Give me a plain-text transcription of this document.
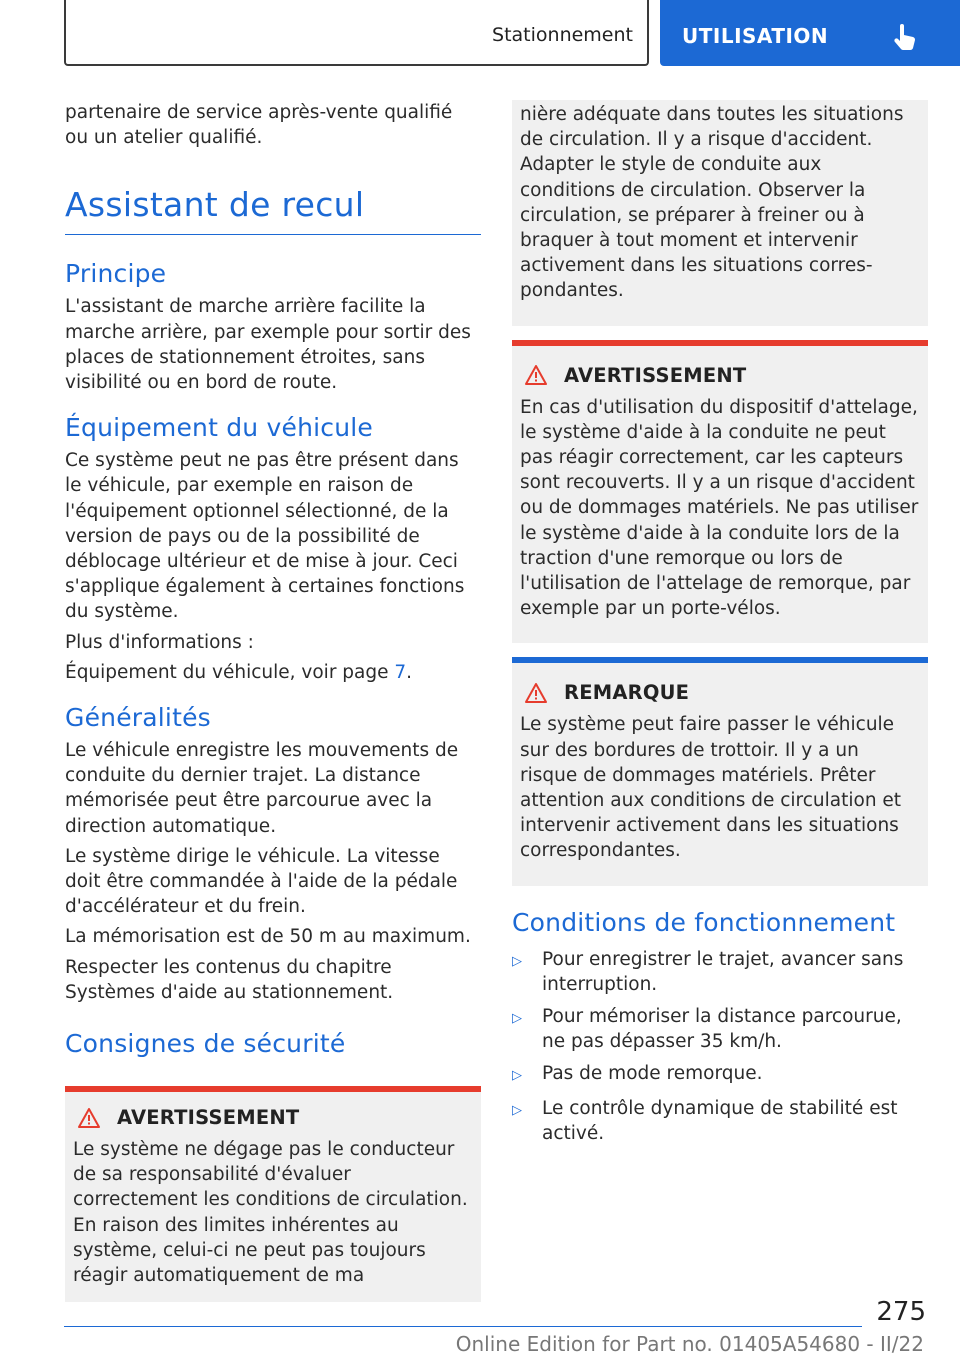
Stationnement UTILISATION

partenaire de service après-vente qualifié ou un atelier qualifié.

Assistant de recul
Principe

L'assistant de marche arrière facilite la marche arrière, par exemple pour sortir des places de stationnement étroites, sans visibilité ou en bord de route.

Équipement du véhicule

Ce système peut ne pas être présent dans le véhicule, par exemple en raison de l'équipement optionnel sélectionné, de la version de pays ou de la possibilité de déblocage ultérieur et de mise à jour. Ceci s'applique également à certaines fonctions du système.

Plus d'informations :

Équipement du véhicule, voir page 7.

Généralités

Le véhicule enregistre les mouvements de conduite du dernier trajet. La distance mémorisée peut être parcourue avec la direction automatique.

Le système dirige le véhicule. La vitesse doit être commandée à l'aide de la pédale d'accélérateur et du frein.

La mémorisation est de 50 m au maximum.

Respecter les contenus du chapitre Systèmes d'aide au stationnement.

Consignes de sécurité
AVERTISSEMENT

Le système ne dégage pas le conducteur de sa responsabilité d'évaluer correctement les conditions de circulation. En raison des limites inhérentes au système, celui-ci ne peut pas toujours réagir automatiquement de ma

nière adéquate dans toutes les situations de circulation. Il y a risque d'accident. Adapter le style de conduite aux conditions de circulation. Observer la circulation, se préparer à freiner ou à braquer à tout moment et intervenir activement dans les situations correspondantes.

AVERTISSEMENT

En cas d'utilisation du dispositif d'attelage, le système d'aide à la conduite ne peut pas réagir correctement, car les capteurs sont recouverts. Il y a un risque d'accident ou de dommages matériels. Ne pas utiliser le système d'aide à la conduite lors de la traction d'une remorque ou lors de l'utilisation de l'attelage de remorque, par exemple par un porte-vélos.

REMARQUE

Le système peut faire passer le véhicule sur des bordures de trottoir. Il y a un risque de dommages matériels. Prêter attention aux conditions de circulation et intervenir activement dans les situations correspondantes.

Conditions de fonctionnement
▷	Pour enregistrer le trajet, avancer sans interruption.
▷	Pour mémoriser la distance parcourue, ne pas dépasser 35 km/h.
▷	Pas de mode remorque.
▷	Le contrôle dynamique de stabilité est activé.
275
Online Edition for Part no. 01405A54680 - II/22
